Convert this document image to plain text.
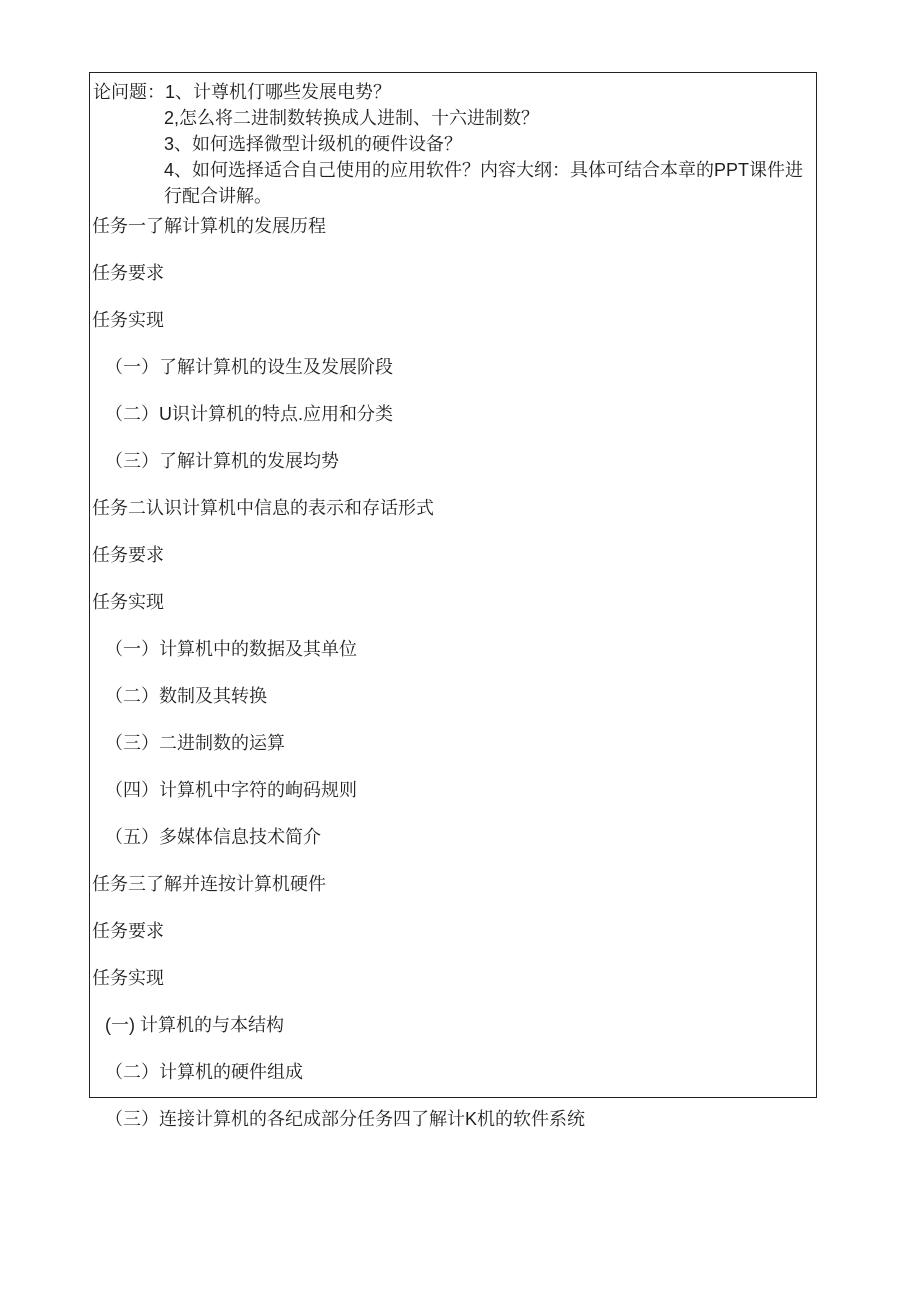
论问题：1、计尊机仃哪些发展电势？
2,怎么将二进制数转换成人进制、十六进制数？
3、如何选择微型计级机的硬件设备？
4、如何选择适合自己使用的应用软件？内容大纲：具体可结合本章的PPT课件进行配合讲解。
任务一了解计算机的发展历程
任务要求
任务实现
（一）了解计算机的设生及发展阶段
（二）U识计算机的特点.应用和分类
（三）了解计算机的发展均势
任务二认识计算机中信息的表示和存话形式
任务要求
任务实现
（一）计算机中的数据及其单位
（二）数制及其转换
（三）二进制数的运算
（四）计算机中字符的峋码规则
（五）多媒体信息技术简介
任务三了解并连按计算机硬件
任务要求
任务实现
(一) 计算机的与本结构
（二）计算机的硬件组成
（三）连接计算机的各纪成部分任务四了解计K机的软件系统
